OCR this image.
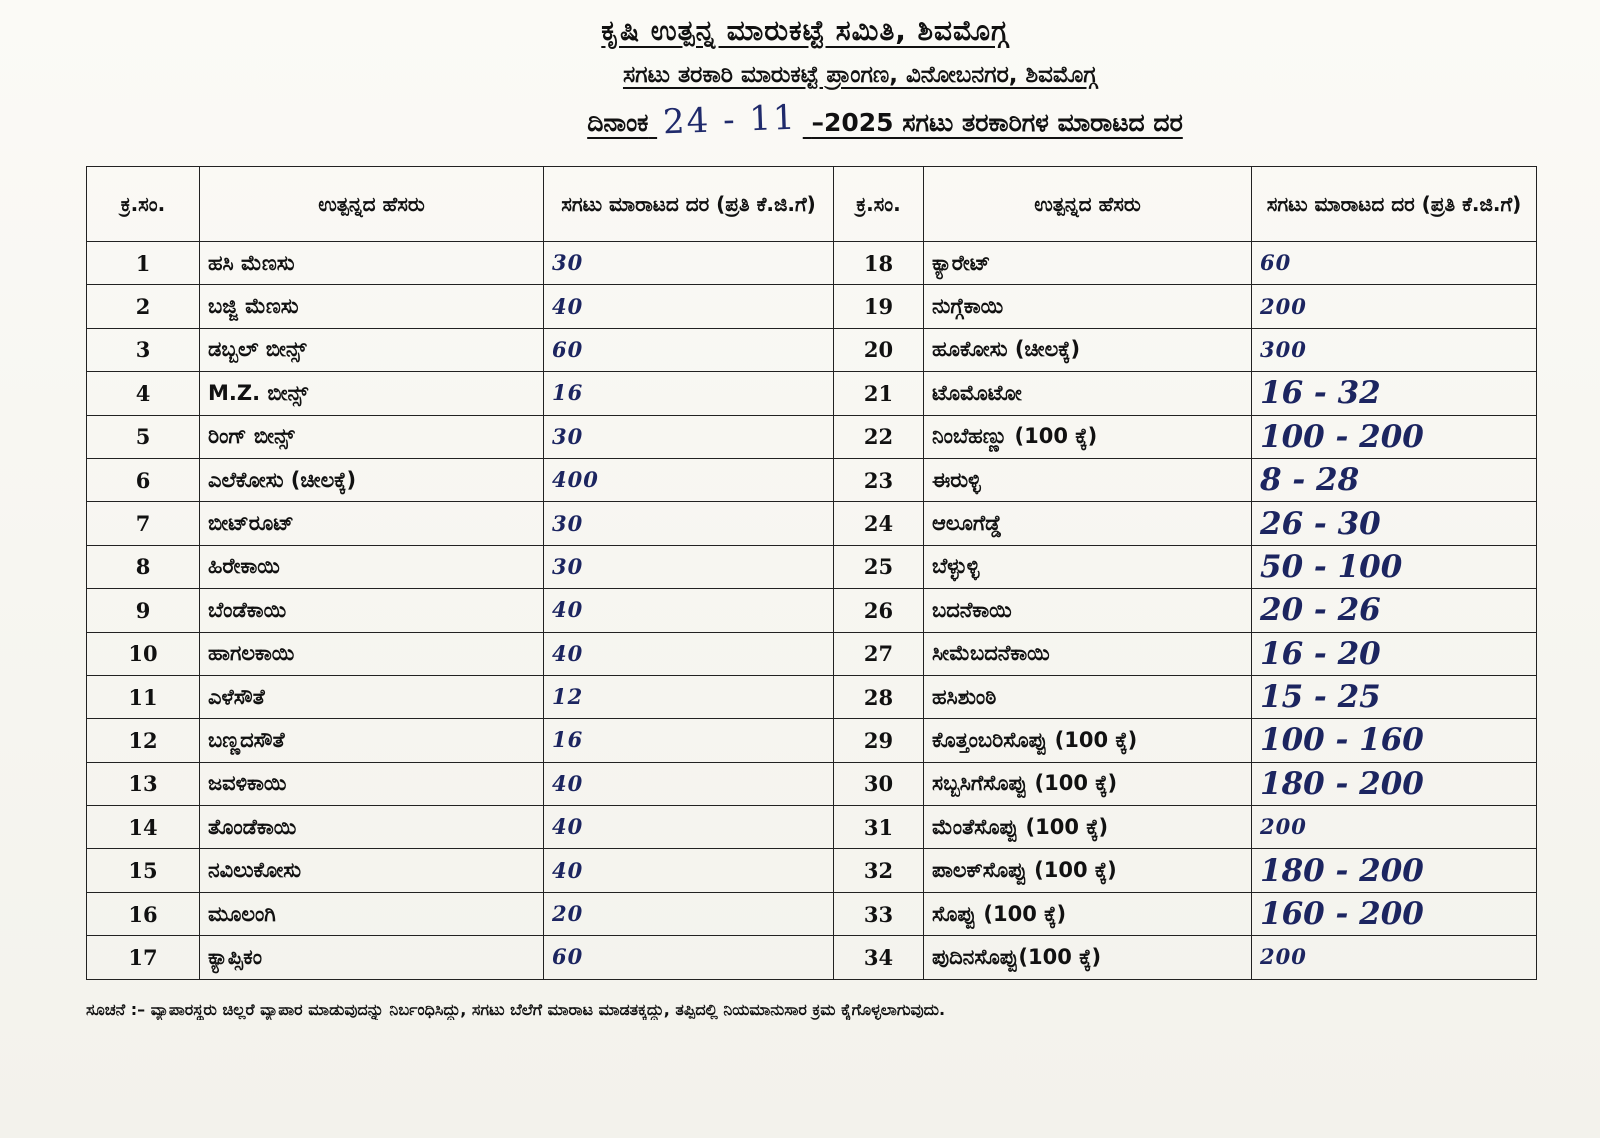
ಕೃಷಿ ಉತ್ಪನ್ನ ಮಾರುಕಟ್ಟೆ ಸಮಿತಿ, ಶಿವಮೊಗ್ಗ
ಸಗಟು ತರಕಾರಿ ಮಾರುಕಟ್ಟೆ ಪ್ರಾಂಗಣ, ವಿನೋಬನಗರ, ಶಿವಮೊಗ್ಗ
ದಿನಾಂಕ 24 - 11 –2025 ಸಗಟು ತರಕಾರಿಗಳ ಮಾರಾಟದ ದರ
ಕ್ರ.ಸಂ.	ಉತ್ಪನ್ನದ ಹೆಸರು	ಸಗಟು ಮಾರಾಟದ ದರ (ಪ್ರತಿ ಕೆ.ಜಿ.ಗೆ)	ಕ್ರ.ಸಂ.	ಉತ್ಪನ್ನದ ಹೆಸರು	ಸಗಟು ಮಾರಾಟದ ದರ (ಪ್ರತಿ ಕೆ.ಜಿ.ಗೆ)
1	ಹಸಿ ಮೆಣಸು	30	18	ಕ್ಯಾರೇಟ್	60
2	ಬಜ್ಜಿ ಮೆಣಸು	40	19	ನುಗ್ಗೆಕಾಯಿ	200
3	ಡಬ್ಬಲ್ ಬೀನ್ಸ್	60	20	ಹೂಕೋಸು (ಚೀಲಕ್ಕೆ)	300
4	M.Z. ಬೀನ್ಸ್	16	21	ಟೊಮೊಟೋ	16 - 32
5	ರಿಂಗ್ ಬೀನ್ಸ್	30	22	ನಿಂಬೆಹಣ್ಣು (100 ಕ್ಕೆ)	100 - 200
6	ಎಲೆಕೋಸು (ಚೀಲಕ್ಕೆ)	400	23	ಈರುಳ್ಳಿ	8 - 28
7	ಬೀಟ್‌ರೂಟ್	30	24	ಆಲೂಗೆಡ್ಡೆ	26 - 30
8	ಹಿರೇಕಾಯಿ	30	25	ಬೆಳ್ಳುಳ್ಳಿ	50 - 100
9	ಬೆಂಡೆಕಾಯಿ	40	26	ಬದನೆಕಾಯಿ	20 - 26
10	ಹಾಗಲಕಾಯಿ	40	27	ಸೀಮೆಬದನೆಕಾಯಿ	16 - 20
11	ಎಳೆಸೌತೆ	12	28	ಹಸಿಶುಂಠಿ	15 - 25
12	ಬಣ್ಣದಸೌತೆ	16	29	ಕೊತ್ತಂಬರಿಸೊಪ್ಪು (100 ಕ್ಕೆ)	100 - 160
13	ಜವಳಿಕಾಯಿ	40	30	ಸಬ್ಬಸಿಗೆಸೊಪ್ಪು (100 ಕ್ಕೆ)	180 - 200
14	ತೊಂಡೆಕಾಯಿ	40	31	ಮೆಂತೆಸೊಪ್ಪು (100 ಕ್ಕೆ)	200
15	ನವಿಲುಕೋಸು	40	32	ಪಾಲಕ್‌ಸೊಪ್ಪು (100 ಕ್ಕೆ)	180 - 200
16	ಮೂಲಂಗಿ	20	33	ಸೊಪ್ಪು (100 ಕ್ಕೆ)	160 - 200
17	ಕ್ಯಾಪ್ಸಿಕಂ	60	34	ಪುದಿನಸೊಪ್ಪು(100 ಕ್ಕೆ)	200
ಸೂಚನೆ :– ವ್ಯಾಪಾರಸ್ಥರು ಚಿಲ್ಲರೆ ವ್ಯಾಪಾರ ಮಾಡುವುದನ್ನು ನಿರ್ಬಂಧಿಸಿದ್ದು, ಸಗಟು ಬೆಲೆಗೆ ಮಾರಾಟ ಮಾಡತಕ್ಕದ್ದು, ತಪ್ಪಿದಲ್ಲಿ ನಿಯಮಾನುಸಾರ ಕ್ರಮ ಕೈಗೊಳ್ಳಲಾಗುವುದು.
